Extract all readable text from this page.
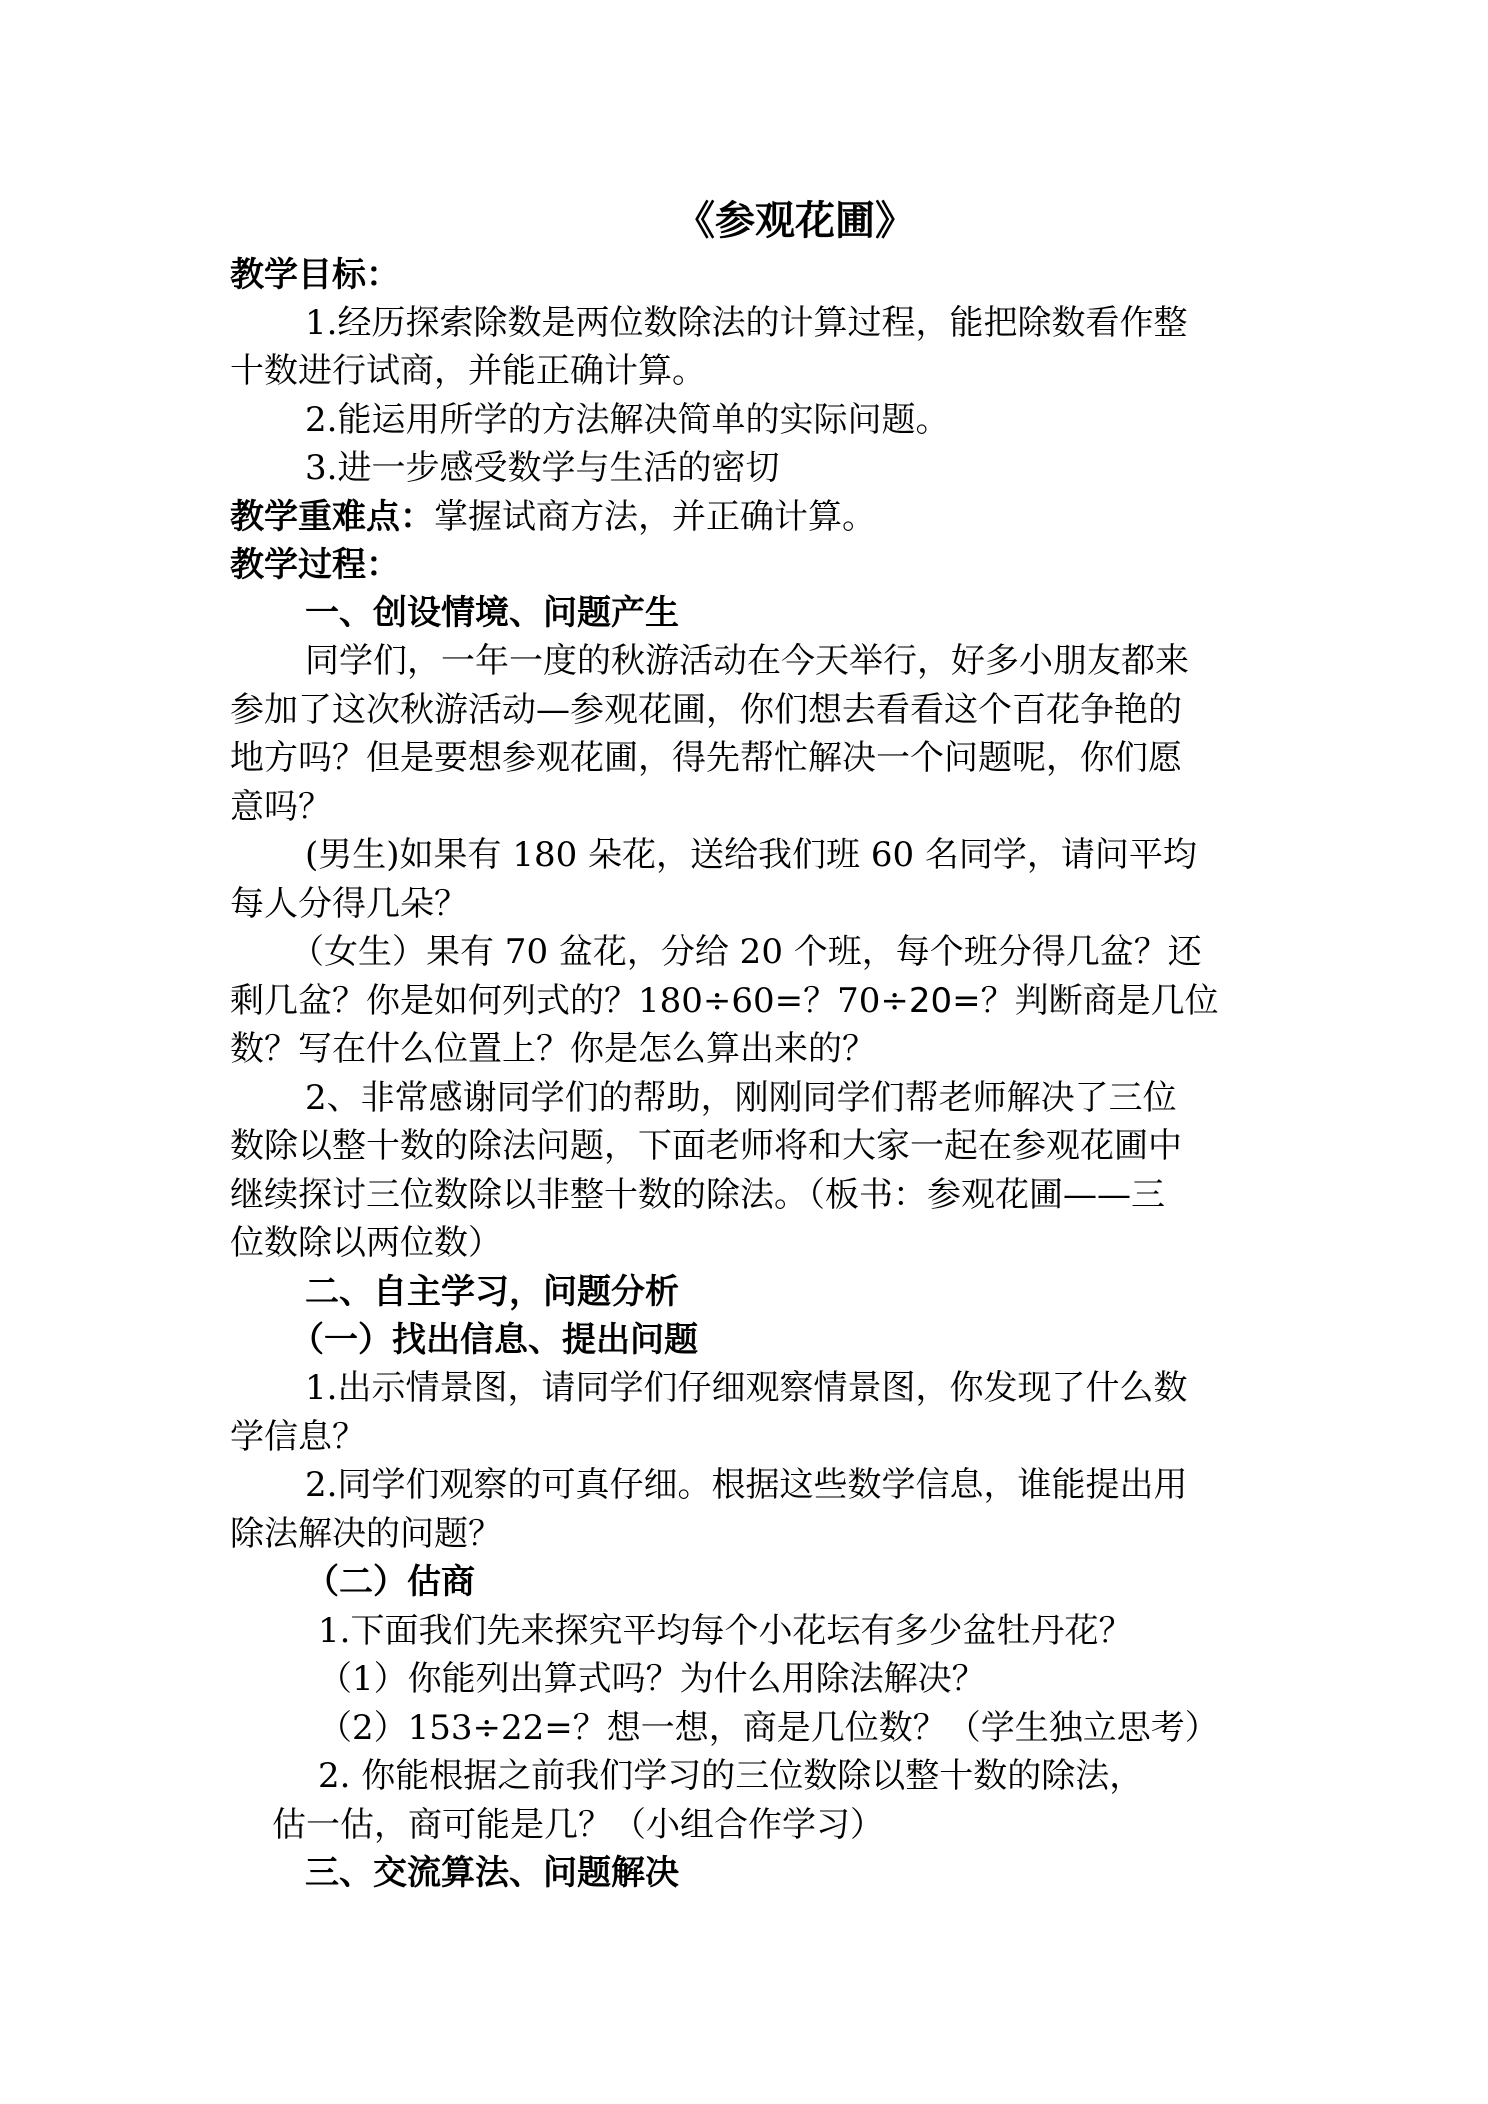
《参观花圃》
教学目标：
1.经历探索除数是两位数除法的计算过程，能把除数看作整
十数进行试商，并能正确计算。
2.能运用所学的方法解决简单的实际问题。
3.进一步感受数学与生活的密切
教学重难点：掌握试商方法，并正确计算。
教学过程：
一、创设情境、问题产生
同学们，一年一度的秋游活动在今天举行，好多小朋友都来
参加了这次秋游活动—参观花圃，你们想去看看这个百花争艳的
地方吗？但是要想参观花圃，得先帮忙解决一个问题呢，你们愿
意吗？
(男生)如果有 180 朵花，送给我们班 60 名同学，请问平均
每人分得几朵？
（女生）果有 70 盆花，分给 20 个班，每个班分得几盆？还
剩几盆？你是如何列式的？180÷60=？70÷20=？判断商是几位
数？写在什么位置上？你是怎么算出来的？
2、非常感谢同学们的帮助，刚刚同学们帮老师解决了三位
数除以整十数的除法问题，下面老师将和大家一起在参观花圃中
继续探讨三位数除以非整十数的除法。（板书：参观花圃——三
位数除以两位数）
二、自主学习，问题分析
（一）找出信息、提出问题
1.出示情景图，请同学们仔细观察情景图，你发现了什么数
学信息？
2.同学们观察的可真仔细。根据这些数学信息，谁能提出用
除法解决的问题？
（二）估商
1.下面我们先来探究平均每个小花坛有多少盆牡丹花？
（1）你能列出算式吗？为什么用除法解决？
（2）153÷22=？想一想，商是几位数？（学生独立思考）
2. 你能根据之前我们学习的三位数除以整十数的除法，
估一估，商可能是几？（小组合作学习）
三、交流算法、问题解决
